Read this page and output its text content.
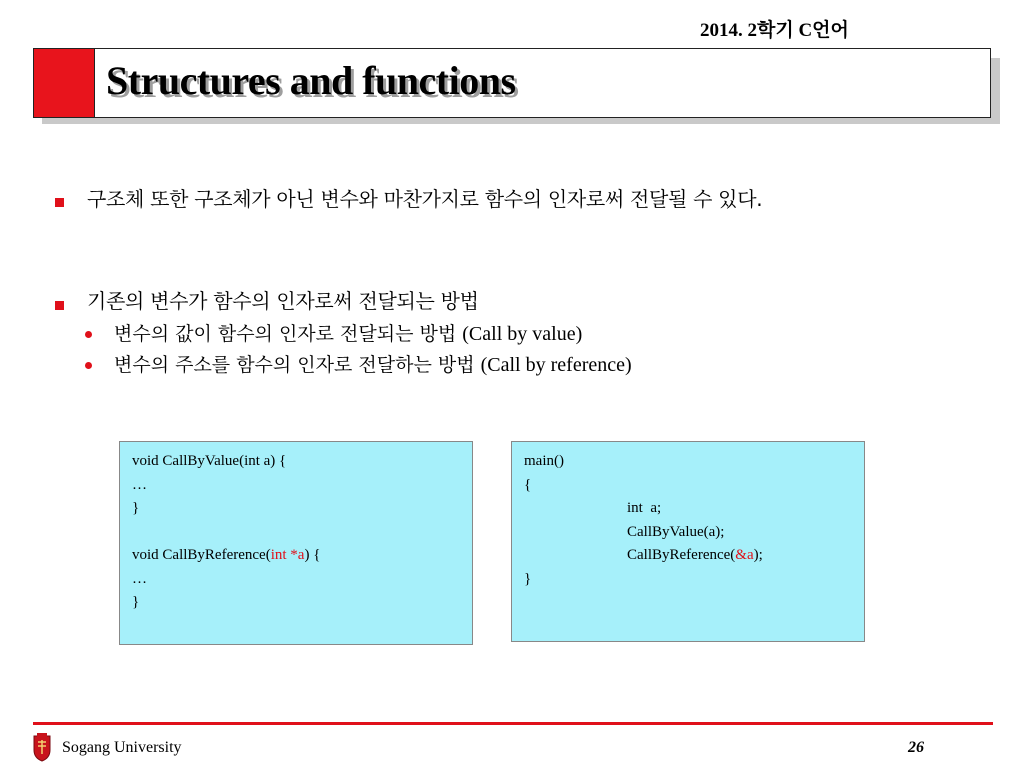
2014. 2학기 C언어
Structures and functions
구조체 또한 구조체가 아닌 변수와 마찬가지로 함수의 인자로써 전달될 수 있다.
기존의 변수가 함수의 인자로써 전달되는 방법
변수의 값이 함수의 인자로 전달되는 방법 (Call by value)
변수의 주소를 함수의 인자로 전달하는 방법 (Call by reference)
void CallByValue(int a) {
…
}
void CallByReference(int *a) {
…
}
main()
{
int  a;
CallByValue(a);
CallByReference(&a);
}
Sogang University	26
